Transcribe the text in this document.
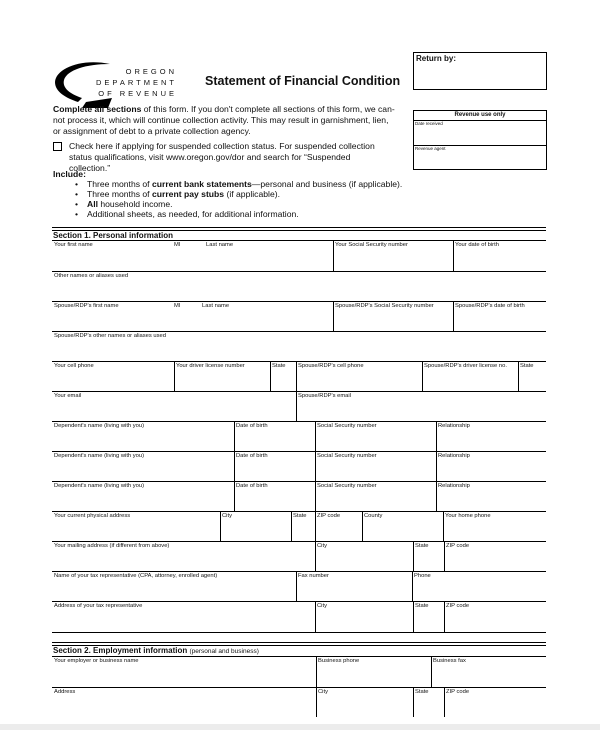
OREGON
DEPARTMENT
OF REVENUE
Statement of Financial Condition
Return by:
Revenue use only
Date received
Revenue agent
Complete all sections of this form. If you don't complete all sections of this form, we can-not process it, which will continue collection activity. This may result in garnishment, lien, or assignment of debt to a private collection agency.
Check here if applying for suspended collection status. For suspended collection status qualifications, visit www.oregon.gov/dor and search for “Suspended collection.”
Include:
• Three months of current bank statements—personal and business (if applicable).
• Three months of current pay stubs (if applicable).
• All household income.
• Additional sheets, as needed, for additional information.
Section 1. Personal information
Your first name	MI	Last name	Your Social Security number	Your date of birth
Other names or aliases used
Spouse/RDP's first name	MI	Last name	Spouse/RDP's Social Security number	Spouse/RDP's date of birth
Spouse/RDP's other names or aliases used
Your cell phone	Your driver license number	State	Spouse/RDP's cell phone	Spouse/RDP's driver license no.	State
Your email	Spouse/RDP's email
Dependent's name (living with you)	Date of birth	Social Security number	Relationship
Dependent's name (living with you)	Date of birth	Social Security number	Relationship
Dependent's name (living with you)	Date of birth	Social Security number	Relationship
Your current physical address	City	State	ZIP code	County	Your home phone
Your mailing address (if different from above)	City	State	ZIP code
Name of your tax representative (CPA, attorney, enrolled agent)	Fax number	Phone
Address of your tax representative	City	State	ZIP code
Section 2. Employment information (personal and business)
Your employer or business name	Business phone	Business fax
Address	City	State	ZIP code
